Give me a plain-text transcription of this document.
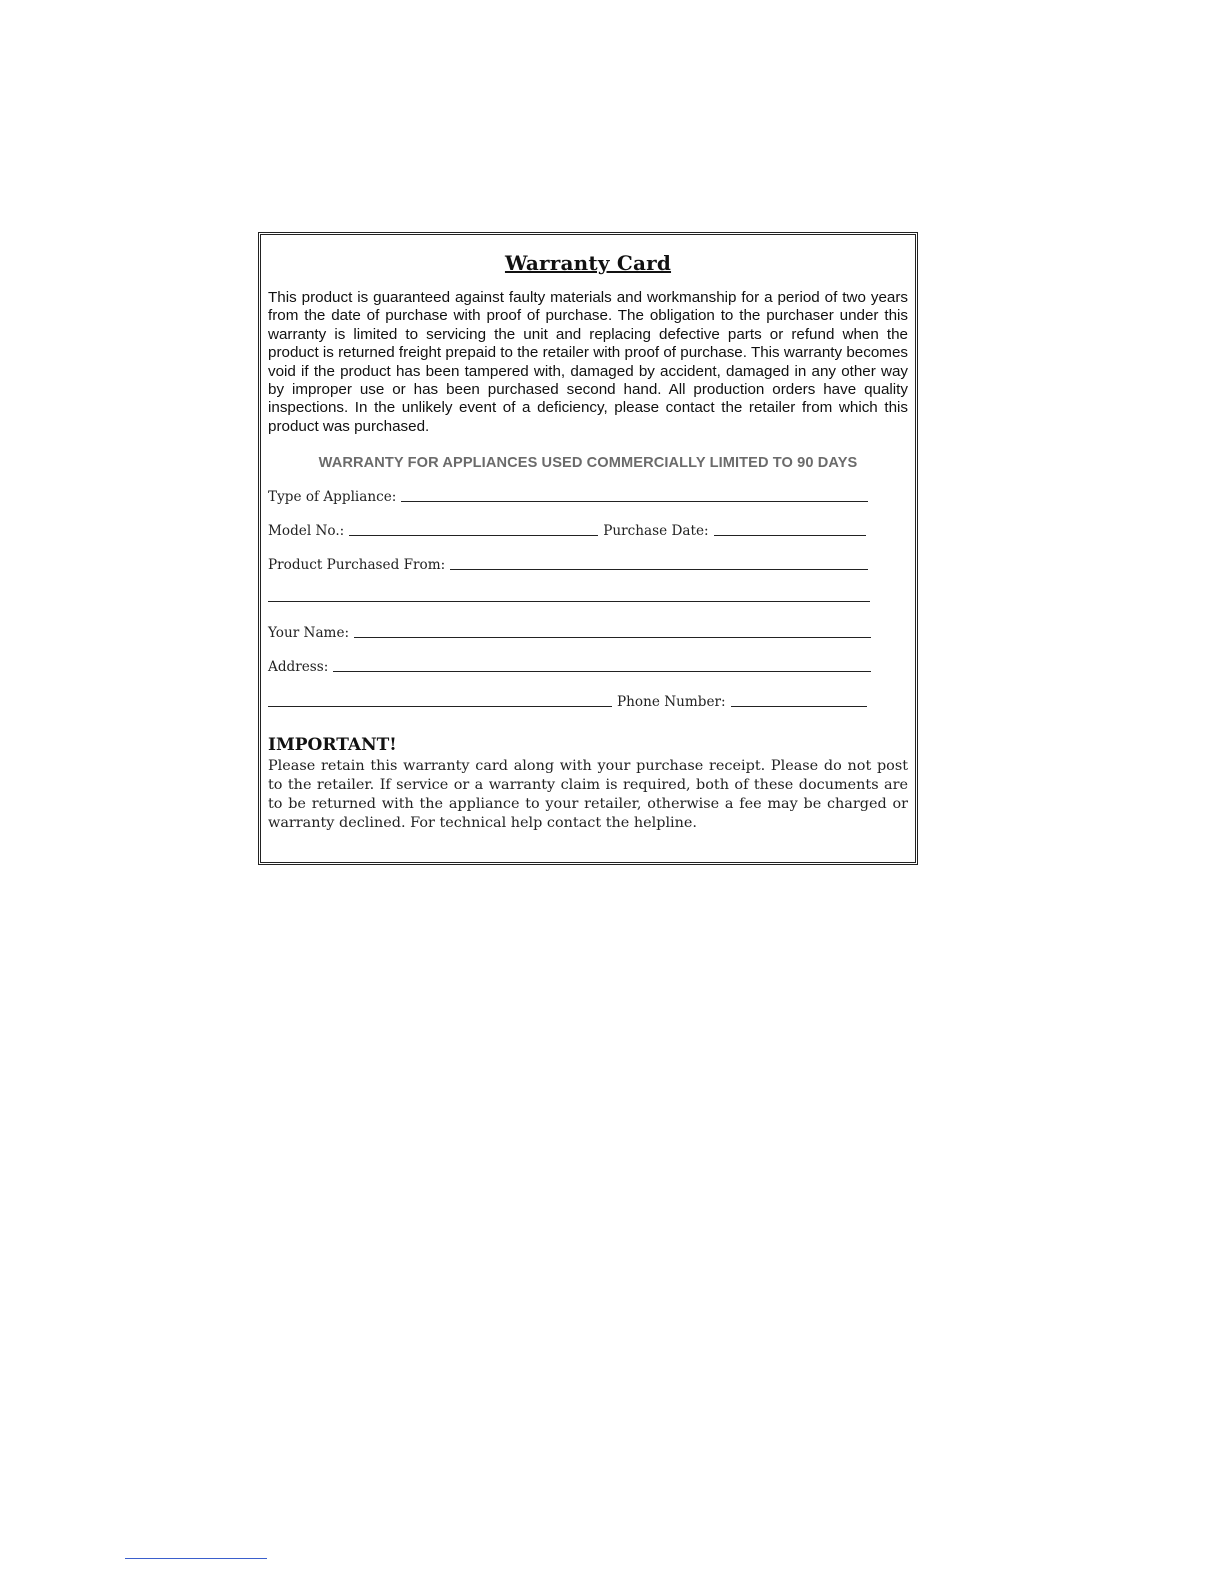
Warranty Card

This product is guaranteed against faulty materials and workmanship for a period of two years from the date of purchase with proof of purchase. The obligation to the purchaser under this warranty is limited to servicing the unit and replacing defective parts or refund when the product is returned freight prepaid to the retailer with proof of purchase. This warranty becomes void if the product has been tampered with, damaged by accident, damaged in any other way by improper use or has been purchased second hand. All production orders have quality inspections. In the unlikely event of a deficiency, please contact the retailer from which this product was purchased.

WARRANTY FOR APPLIANCES USED COMMERCIALLY LIMITED TO 90 DAYS
Type of Appliance:
Model No.:	Purchase Date:
Product Purchased From:
Your Name:
Address:
Phone Number:
IMPORTANT!

Please retain this warranty card along with your purchase receipt. Please do not post to the retailer. If service or a warranty claim is required, both of these documents are to be returned with the appliance to your retailer, otherwise a fee may be charged or warranty declined. For technical help contact the helpline.
